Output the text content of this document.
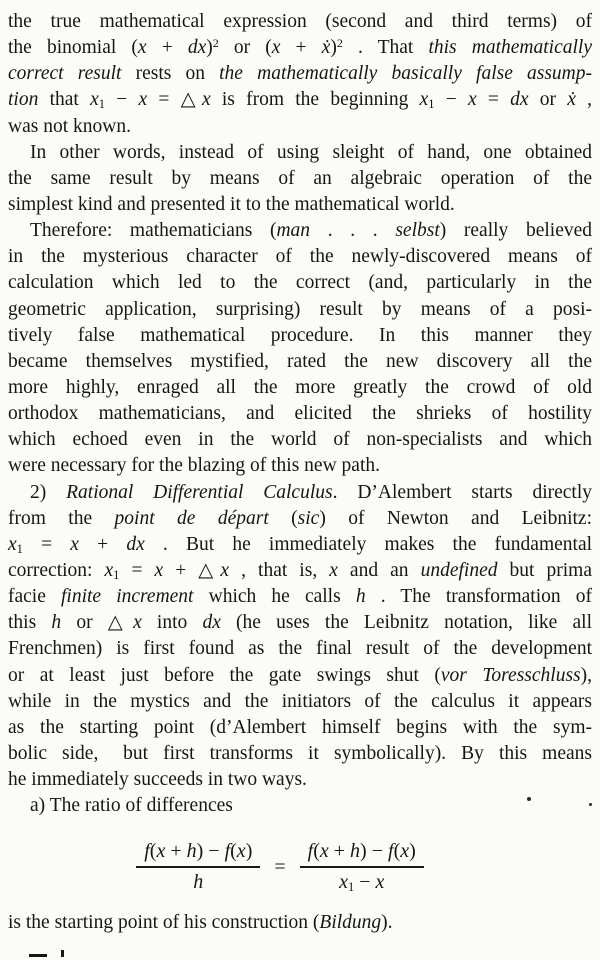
the true mathematical expression (second and third terms) of
the binomial (x + dx)$^2$ or (x + ẋ)$^2$ . That this mathematically
correct result rests on the mathematically basically false assump-
tion that x1 − x = △x is from the beginning x1 − x = dx or ẋ ,
was not known.
In other words, instead of using sleight of hand, one obtained
the same result by means of an algebraic operation of the
simplest kind and presented it to the mathematical world.
Therefore: mathematicians (man . . . selbst) really believed
in the mysterious character of the newly-discovered means of
calculation which led to the correct (and, particularly in the
geometric application, surprising) result by means of a posi-
tively false mathematical procedure. In this manner they
became themselves mystified, rated the new discovery all the
more highly, enraged all the more greatly the crowd of old
orthodox mathematicians, and elicited the shrieks of hostility
which echoed even in the world of non-specialists and which
were necessary for the blazing of this new path.
2) Rational Differential Calculus. D’Alembert starts directly
from the point de départ (sic) of Newton and Leibnitz:
x1 = x + dx . But he immediately makes the fundamental
correction: x1 = x + △x , that is, x and an undefined but prima
facie finite increment which he calls h . The transformation of
this h or △x into dx (he uses the Leibnitz notation, like all
Frenchmen) is first found as the final result of the development
or at least just before the gate swings shut (vor Toresschluss),
while in the mystics and the initiators of the calculus it appears
as the starting point (d’Alembert himself begins with the sym-
bolic side,  but first transforms it symbolically). By this means
he immediately succeeds in two ways.
a) The ratio of differences
$\frac{f(x + h) - f(x)}{h} = \frac{f(x + h) - f(x)}{x1 - x}$
is the starting point of his construction (Bildung).
